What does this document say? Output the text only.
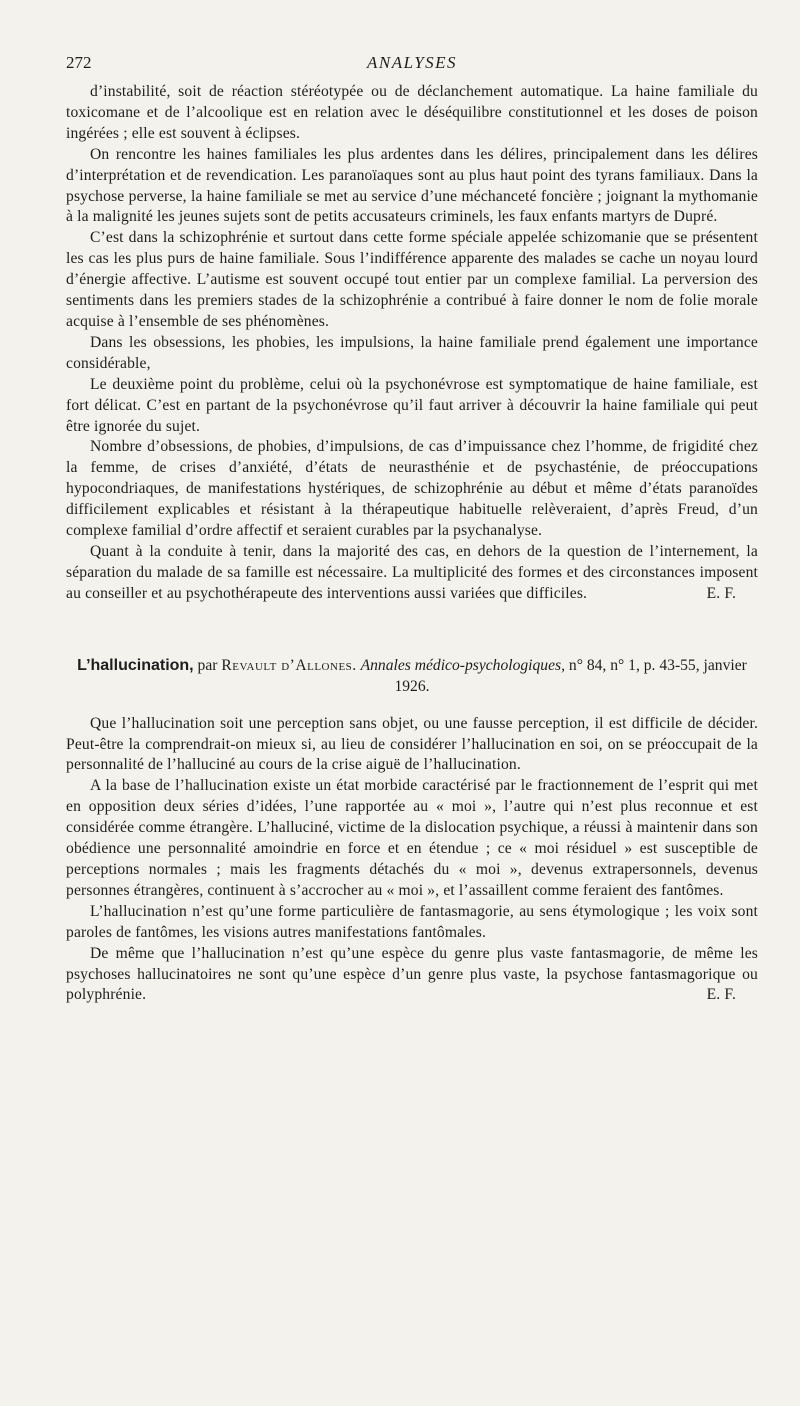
272	ANALYSES

d’instabilité, soit de réaction stéréotypée ou de déclanchement automatique. La haine familiale du toxicomane et de l’alcoolique est en relation avec le déséquilibre constitutionnel et les doses de poison ingérées ; elle est souvent à éclipses.

On rencontre les haines familiales les plus ardentes dans les délires, principalement dans les délires d’interprétation et de revendication. Les paranoïaques sont au plus haut point des tyrans familiaux. Dans la psychose perverse, la haine familiale se met au service d’une méchanceté foncière ; joignant la mythomanie à la malignité les jeunes sujets sont de petits accusateurs criminels, les faux enfants martyrs de Dupré.

C’est dans la schizophrénie et surtout dans cette forme spéciale appelée schizomanie que se présentent les cas les plus purs de haine familiale. Sous l’indifférence apparente des malades se cache un noyau lourd d’énergie affective. L’autisme est souvent occupé tout entier par un complexe familial. La perversion des sentiments dans les premiers stades de la schizophrénie a contribué à faire donner le nom de folie morale acquise à l’ensemble de ses phénomènes.

Dans les obsessions, les phobies, les impulsions, la haine familiale prend également une importance considérable,

Le deuxième point du problème, celui où la psychonévrose est symptomatique de haine familiale, est fort délicat. C’est en partant de la psychonévrose qu’il faut arriver à découvrir la haine familiale qui peut être ignorée du sujet.

Nombre d’obsessions, de phobies, d’impulsions, de cas d’impuissance chez l’homme, de frigidité chez la femme, de crises d’anxiété, d’états de neurasthénie et de psychasténie, de préoccupations hypocondriaques, de manifestations hystériques, de schizophrénie au début et même d’états paranoïdes difficilement explicables et résistant à la thérapeutique habituelle relèveraient, d’après Freud, d’un complexe familial d’ordre affectif et seraient curables par la psychanalyse.

Quant à la conduite à tenir, dans la majorité des cas, en dehors de la question de l’internement, la séparation du malade de sa famille est nécessaire. La multiplicité des formes et des circonstances imposent au conseiller et au psychothérapeute des interventions aussi variées que difficiles.	E. F.

L’hallucination, par Revault d’Allones. Annales médico-psychologiques, n° 84, n° 1, p. 43-55, janvier 1926.

Que l’hallucination soit une perception sans objet, ou une fausse perception, il est difficile de décider. Peut-être la comprendrait-on mieux si, au lieu de considérer l’hallucination en soi, on se préoccupait de la personnalité de l’halluciné au cours de la crise aiguë de l’hallucination.

A la base de l’hallucination existe un état morbide caractérisé par le fractionnement de l’esprit qui met en opposition deux séries d’idées, l’une rapportée au « moi », l’autre qui n’est plus reconnue et est considérée comme étrangère. L’halluciné, victime de la dislocation psychique, a réussi à maintenir dans son obédience une personnalité amoindrie en force et en étendue ; ce « moi résiduel » est susceptible de perceptions normales ; mais les fragments détachés du « moi », devenus extrapersonnels, devenus personnes étrangères, continuent à s’accrocher au « moi », et l’assaillent comme feraient des fantômes.

L’hallucination n’est qu’une forme particulière de fantasmagorie, au sens étymologique ; les voix sont paroles de fantômes, les visions autres manifestations fantômales.

De même que l’hallucination n’est qu’une espèce du genre plus vaste fantasmagorie, de même les psychoses hallucinatoires ne sont qu’une espèce d’un genre plus vaste, la psychose fantasmagorique ou polyphrénie.	E. F.
